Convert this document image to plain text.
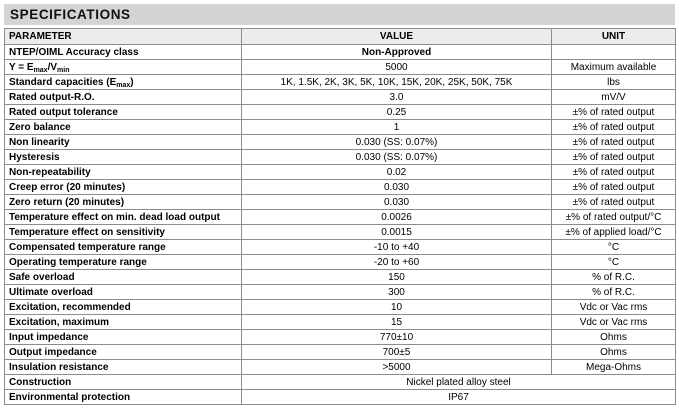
SPECIFICATIONS
PARAMETER	VALUE	UNIT
NTEP/OIML Accuracy class	Non-Approved	
$Y = E_{max}/V_{min}$	5000	Maximum available
Standard capacities $(E_{max})$	1K, 1.5K, 2K, 3K, 5K, 10K, 15K, 20K, 25K, 50K, 75K	lbs
Rated output-R.O.	3.0	mV/V
Rated output tolerance	0.25	±% of rated output
Zero balance	1	±% of rated output
Non linearity	0.030 (SS: 0.07%)	±% of rated output
Hysteresis	0.030 (SS: 0.07%)	±% of rated output
Non-repeatability	0.02	±% of rated output
Creep error (20 minutes)	0.030	±% of rated output
Zero return (20 minutes)	0.030	±% of rated output
Temperature effect on min. dead load output	0.0026	±% of rated output/°C
Temperature effect on sensitivity	0.0015	±% of applied load/°C
Compensated temperature range	-10 to +40	°C
Operating temperature range	-20 to +60	°C
Safe overload	150	% of R.C.
Ultimate overload	300	% of R.C.
Excitation, recommended	10	Vdc or Vac rms
Excitation, maximum	15	Vdc or Vac rms
Input impedance	770±10	Ohms
Output impedance	700±5	Ohms
Insulation resistance	>5000	Mega-Ohms
Construction	Nickel plated alloy steel	
Environmental protection	IP67	
